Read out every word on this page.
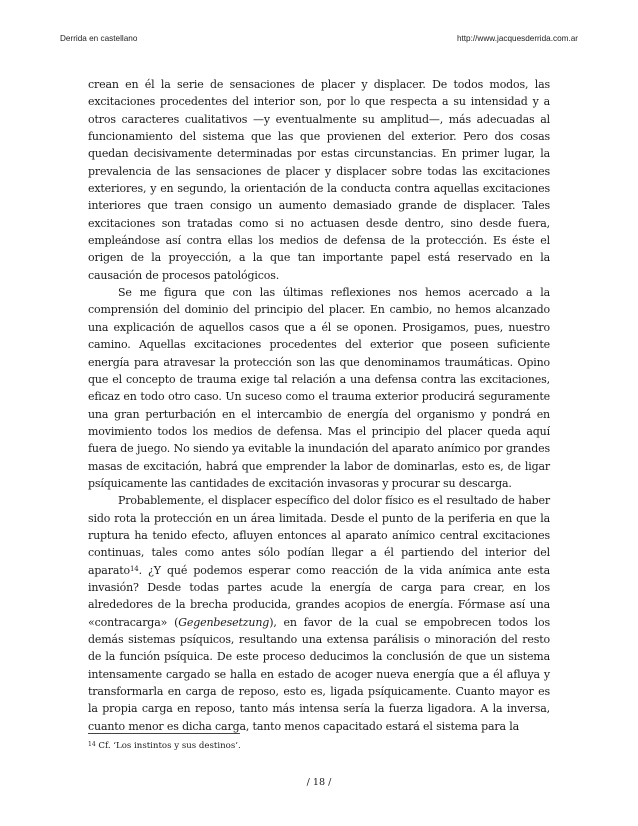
Derrida en castellano	http://www.jacquesderrida.com.ar

crean en él la serie de sensaciones de placer y displacer. De todos modos, las excitaciones procedentes del interior son, por lo que respecta a su intensidad y a otros caracteres cualitativos —y eventualmente su amplitud—, más adecuadas al funcionamiento del sistema que las que provienen del exterior. Pero dos cosas quedan decisivamente determinadas por estas circunstancias. En primer lugar, la prevalencia de las sensaciones de placer y displacer sobre todas las excitaciones exteriores, y en segundo, la orientación de la conducta contra aquellas excitaciones interiores que traen consigo un aumento demasiado grande de displacer. Tales excitaciones son tratadas como si no actuasen desde dentro, sino desde fuera, empleándose así contra ellas los medios de defensa de la protección. Es éste el origen de la proyección, a la que tan importante papel está reservado en la causación de procesos patológicos.

Se me figura que con las últimas reflexiones nos hemos acercado a la comprensión del dominio del principio del placer. En cambio, no hemos alcanzado una explicación de aquellos casos que a él se oponen. Prosigamos, pues, nuestro camino. Aquellas excitaciones procedentes del exterior que poseen suficiente energía para atravesar la protección son las que denominamos traumáticas. Opino que el concepto de trauma exige tal relación a una defensa contra las excitaciones, eficaz en todo otro caso. Un suceso como el trauma exterior producirá seguramente una gran perturbación en el intercambio de energía del organismo y pondrá en movimiento todos los medios de defensa. Mas el principio del placer queda aquí fuera de juego. No siendo ya evitable la inundación del aparato anímico por grandes masas de excitación, habrá que emprender la labor de dominarlas, esto es, de ligar psíquicamente las cantidades de excitación invasoras y procurar su descarga.

Probablemente, el displacer específico del dolor físico es el resultado de haber sido rota la protección en un área limitada. Desde el punto de la periferia en que la ruptura ha tenido efecto, afluyen entonces al aparato anímico central excitaciones continuas, tales como antes sólo podían llegar a él partiendo del interior del aparato$^{14}$. ¿Y qué podemos esperar como reacción de la vida anímica ante esta invasión? Desde todas partes acude la energía de carga para crear, en los alrededores de la brecha producida, grandes acopios de energía. Fórmase así una «contracarga» (Gegenbesetzung), en favor de la cual se empobrecen todos los demás sistemas psíquicos, resultando una extensa parálisis o minoración del resto de la función psíquica. De este proceso deducimos la conclusión de que un sistema intensamente cargado se halla en estado de acoger nueva energía que a él afluya y transformarla en carga de reposo, esto es, ligada psíquicamente. Cuanto mayor es la propia carga en reposo, tanto más intensa sería la fuerza ligadora. A la inversa, cuanto menor es dicha carga, tanto menos capacitado estará el sistema para la

$^{14}$ Cf. ‘Los instintos y sus destinos’.
/ 18 /
